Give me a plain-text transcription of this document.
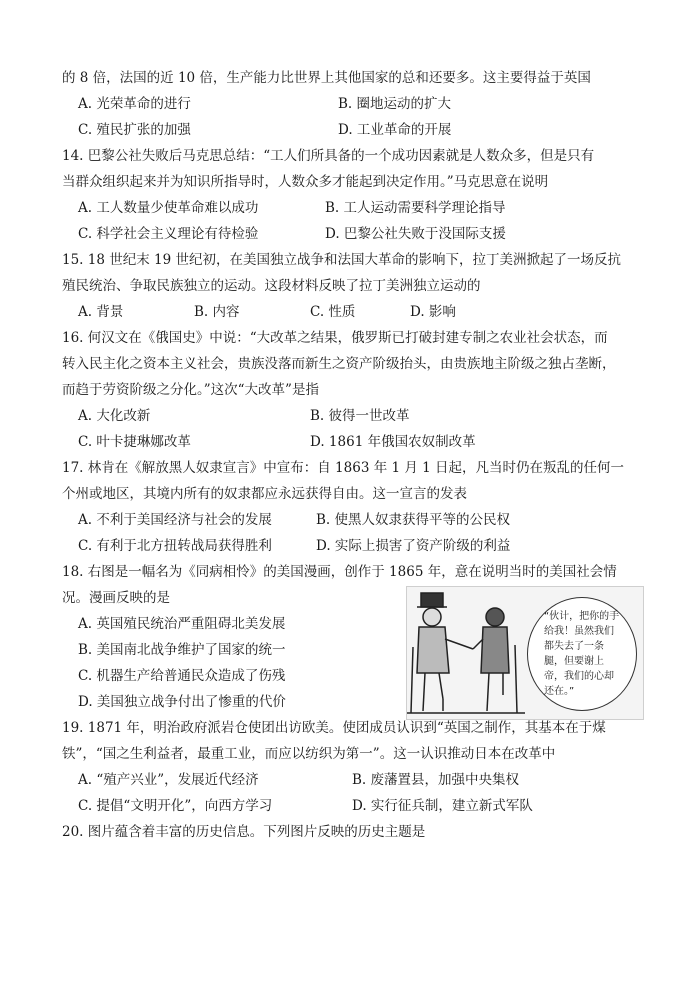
的 8 倍，法国的近 10 倍，生产能力比世界上其他国家的总和还要多。这主要得益于英国
A. 光荣革命的进行	B. 圈地运动的扩大
C. 殖民扩张的加强	D. 工业革命的开展
14. 巴黎公社失败后马克思总结：“工人们所具备的一个成功因素就是人数众多，但是只有
当群众组织起来并为知识所指导时，人数众多才能起到决定作用。”马克思意在说明
A. 工人数量少使革命难以成功	B. 工人运动需要科学理论指导
C. 科学社会主义理论有待检验	D. 巴黎公社失败于没国际支援
15. 18 世纪末 19 世纪初，在美国独立战争和法国大革命的影响下，拉丁美洲掀起了一场反抗
殖民统治、争取民族独立的运动。这段材料反映了拉丁美洲独立运动的
A. 背景	B. 内容	C. 性质	D. 影响
16. 何汉文在《俄国史》中说：“大改革之结果，俄罗斯已打破封建专制之农业社会状态，而
转入民主化之资本主义社会，贵族没落而新生之资产阶级抬头，由贵族地主阶级之独占垄断，
而趋于劳资阶级之分化。”这次“大改革”是指
A. 大化改新	B. 彼得一世改革
C. 叶卡捷琳娜改革	D. 1861 年俄国农奴制改革
17. 林肯在《解放黑人奴隶宣言》中宣布：自 1863 年 1 月 1 日起，凡当时仍在叛乱的任何一
个州或地区，其境内所有的奴隶都应永远获得自由。这一宣言的发表
A. 不利于美国经济与社会的发展	B. 使黑人奴隶获得平等的公民权
C. 有利于北方扭转战局获得胜利	D. 实际上损害了资产阶级的利益
18. 右图是一幅名为《同病相怜》的美国漫画，创作于 1865 年，意在说明当时的美国社会情
况。漫画反映的是
A. 英国殖民统治严重阻碍北美发展
B. 美国南北战争维护了国家的统一
C. 机器生产给普通民众造成了伤残
D. 美国独立战争付出了惨重的代价
“伙计，把你的手给我！虽然我们都失去了一条腿，但要谢上帝，我们的心却还在。”
19. 1871 年，明治政府派岩仓使团出访欧美。使团成员认识到“英国之制作，其基本在于煤
铁”，“国之生利益者，最重工业，而应以纺织为第一”。这一认识推动日本在改革中
A. “殖产兴业”，发展近代经济	B. 废藩置县，加强中央集权
C. 提倡“文明开化”，向西方学习	D. 实行征兵制，建立新式军队
20. 图片蕴含着丰富的历史信息。下列图片反映的历史主题是
